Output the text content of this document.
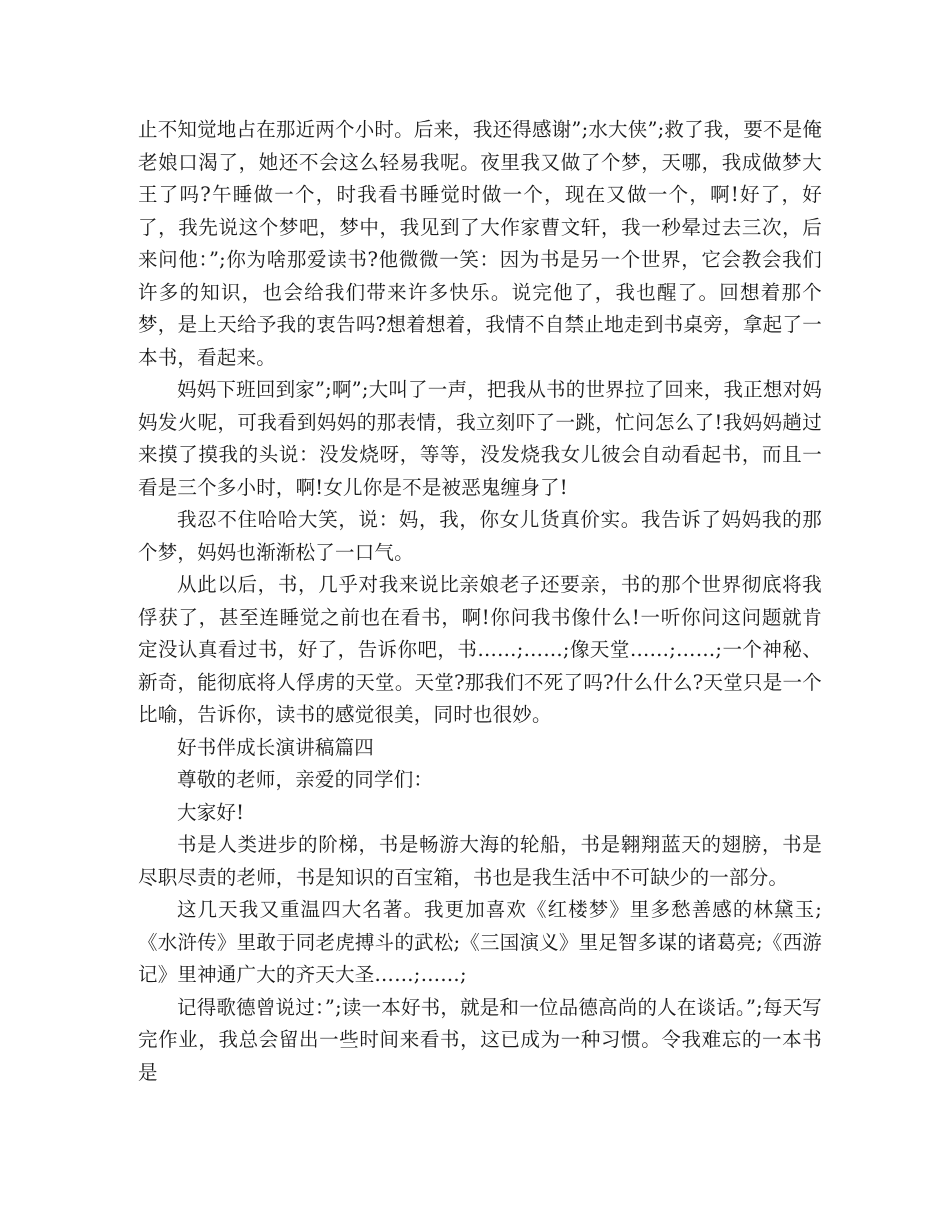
止不知觉地占在那近两个小时。后来，我还得感谢”;水大侠”;救了我，要不是俺老娘口渴了，她还不会这么轻易我呢。夜里我又做了个梦，天哪，我成做梦大王了吗?午睡做一个，时我看书睡觉时做一个，现在又做一个，啊!好了，好了，我先说这个梦吧，梦中，我见到了大作家曹文轩，我一秒晕过去三次，后来问他：”;你为啥那爱读书?他微微一笑：因为书是另一个世界，它会教会我们许多的知识，也会给我们带来许多快乐。说完他了，我也醒了。回想着那个梦，是上天给予我的衷告吗?想着想着，我情不自禁止地走到书桌旁，拿起了一本书，看起来。

妈妈下班回到家”;啊”;大叫了一声，把我从书的世界拉了回来，我正想对妈妈发火呢，可我看到妈妈的那表情，我立刻吓了一跳，忙问怎么了!我妈妈趟过来摸了摸我的头说：没发烧呀，等等，没发烧我女儿彼会自动看起书，而且一看是三个多小时，啊!女儿你是不是被恶鬼缠身了!

我忍不住哈哈大笑，说：妈，我，你女儿货真价实。我告诉了妈妈我的那个梦，妈妈也渐渐松了一口气。

从此以后，书，几乎对我来说比亲娘老子还要亲，书的那个世界彻底将我俘获了，甚至连睡觉之前也在看书，啊!你问我书像什么!一听你问这问题就肯定没认真看过书，好了，告诉你吧，书……;……;像天堂……;……;一个神秘、新奇，能彻底将人俘虏的天堂。天堂?那我们不死了吗?什么什么?天堂只是一个比喻，告诉你，读书的感觉很美，同时也很妙。

好书伴成长演讲稿篇四

尊敬的老师，亲爱的同学们：

大家好!

书是人类进步的阶梯，书是畅游大海的轮船，书是翱翔蓝天的翅膀，书是尽职尽责的老师，书是知识的百宝箱，书也是我生活中不可缺少的一部分。

这几天我又重温四大名著。我更加喜欢《红楼梦》里多愁善感的林黛玉;《水浒传》里敢于同老虎搏斗的武松;《三国演义》里足智多谋的诸葛亮;《西游记》里神通广大的齐天大圣……;……;

记得歌德曾说过：”;读一本好书，就是和一位品德高尚的人在谈话。”;每天写完作业，我总会留出一些时间来看书，这已成为一种习惯。令我难忘的一本书是
